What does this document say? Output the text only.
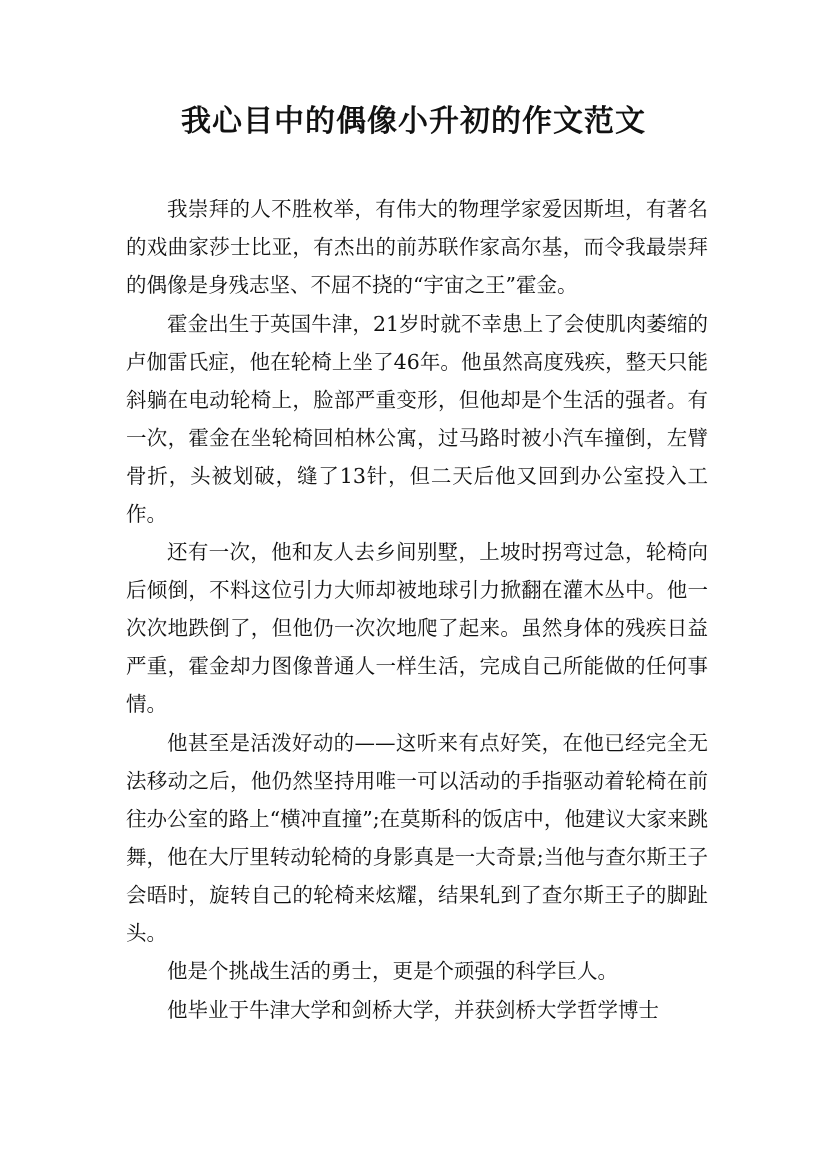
我心目中的偶像小升初的作文范文

我崇拜的人不胜枚举，有伟大的物理学家爱因斯坦，有著名的戏曲家莎士比亚，有杰出的前苏联作家高尔基，而令我最崇拜的偶像是身残志坚、不屈不挠的“宇宙之王”霍金。

霍金出生于英国牛津，21岁时就不幸患上了会使肌肉萎缩的卢伽雷氏症，他在轮椅上坐了46年。他虽然高度残疾，整天只能斜躺在电动轮椅上，脸部严重变形，但他却是个生活的强者。有一次，霍金在坐轮椅回柏林公寓，过马路时被小汽车撞倒，左臂骨折，头被划破，缝了13针，但二天后他又回到办公室投入工作。

还有一次，他和友人去乡间别墅，上坡时拐弯过急，轮椅向后倾倒，不料这位引力大师却被地球引力掀翻在灌木丛中。他一次次地跌倒了，但他仍一次次地爬了起来。虽然身体的残疾日益严重，霍金却力图像普通人一样生活，完成自己所能做的任何事情。

他甚至是活泼好动的——这听来有点好笑，在他已经完全无法移动之后，他仍然坚持用唯一可以活动的手指驱动着轮椅在前往办公室的路上“横冲直撞”;在莫斯科的饭店中，他建议大家来跳舞，他在大厅里转动轮椅的身影真是一大奇景;当他与查尔斯王子会晤时，旋转自己的轮椅来炫耀，结果轧到了查尔斯王子的脚趾头。

他是个挑战生活的勇士，更是个顽强的科学巨人。

他毕业于牛津大学和剑桥大学，并获剑桥大学哲学博士
